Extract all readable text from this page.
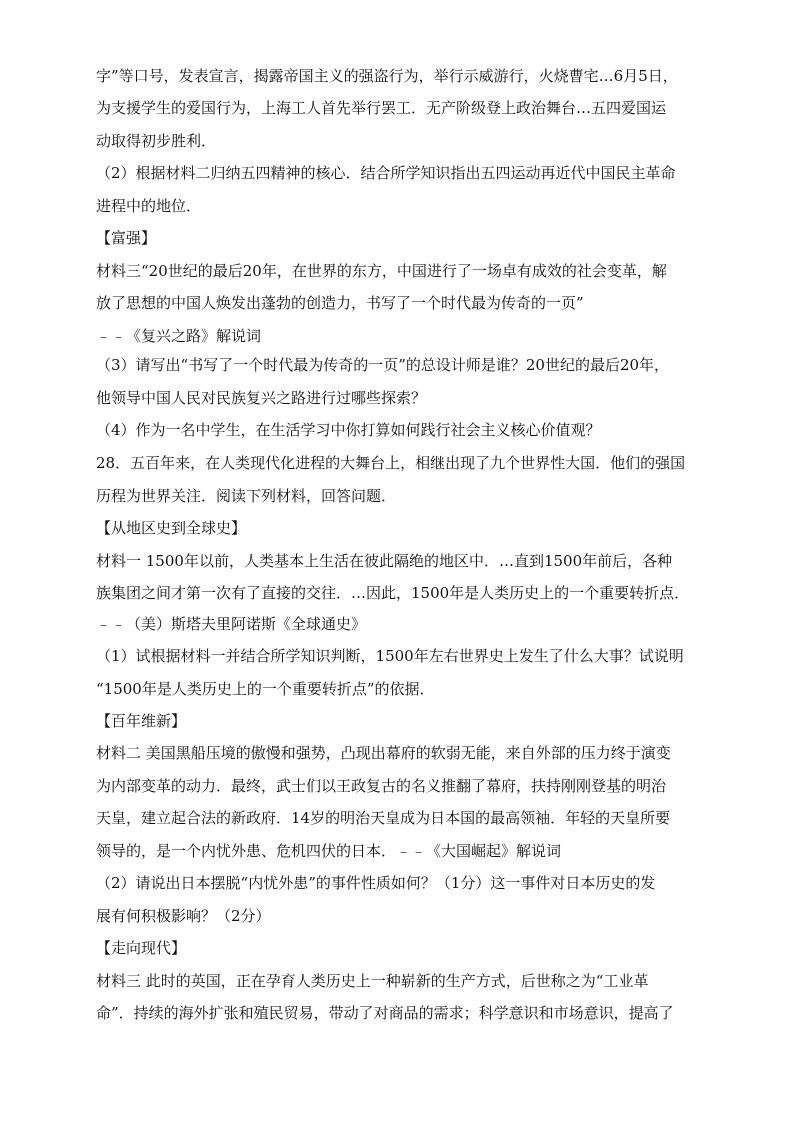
字”等口号，发表宣言，揭露帝国主义的强盗行为，举行示威游行，火烧曹宅…6月5日，
为支援学生的爱国行为，上海工人首先举行罢工．无产阶级登上政治舞台…五四爱国运
动取得初步胜利．
（2）根据材料二归纳五四精神的核心．结合所学知识指出五四运动再近代中国民主革命
进程中的地位．
【富强】
材料三“20世纪的最后20年，在世界的东方，中国进行了一场卓有成效的社会变革，解
放了思想的中国人焕发出蓬勃的创造力，书写了一个时代最为传奇的一页”
﹣﹣《复兴之路》解说词
（3）请写出“书写了一个时代最为传奇的一页”的总设计师是谁？20世纪的最后20年，
他领导中国人民对民族复兴之路进行过哪些探索？
（4）作为一名中学生，在生活学习中你打算如何践行社会主义核心价值观？
28．五百年来，在人类现代化进程的大舞台上，相继出现了九个世界性大国．他们的强国
历程为世界关注．阅读下列材料，回答问题．
【从地区史到全球史】
材料一 1500年以前，人类基本上生活在彼此隔绝的地区中．…直到1500年前后，各种
族集团之间才第一次有了直接的交往．…因此，1500年是人类历史上的一个重要转折点．
﹣﹣（美）斯塔夫里阿诺斯《全球通史》
（1）试根据材料一并结合所学知识判断，1500年左右世界史上发生了什么大事？试说明
“1500年是人类历史上的一个重要转折点”的依据．
【百年维新】
材料二 美国黑船压境的傲慢和强势，凸现出幕府的软弱无能，来自外部的压力终于演变
为内部变革的动力．最终，武士们以王政复古的名义推翻了幕府，扶持刚刚登基的明治
天皇，建立起合法的新政府．14岁的明治天皇成为日本国的最高领袖．年轻的天皇所要
领导的，是一个内忧外患、危机四伏的日本．﹣﹣《大国崛起》解说词
（2）请说出日本摆脱“内忧外患”的事件性质如何？（1分）这一事件对日本历史的发
展有何积极影响？（2分）
【走向现代】
材料三 此时的英国，正在孕育人类历史上一种崭新的生产方式，后世称之为“工业革
命”．持续的海外扩张和殖民贸易，带动了对商品的需求；科学意识和市场意识，提高了
